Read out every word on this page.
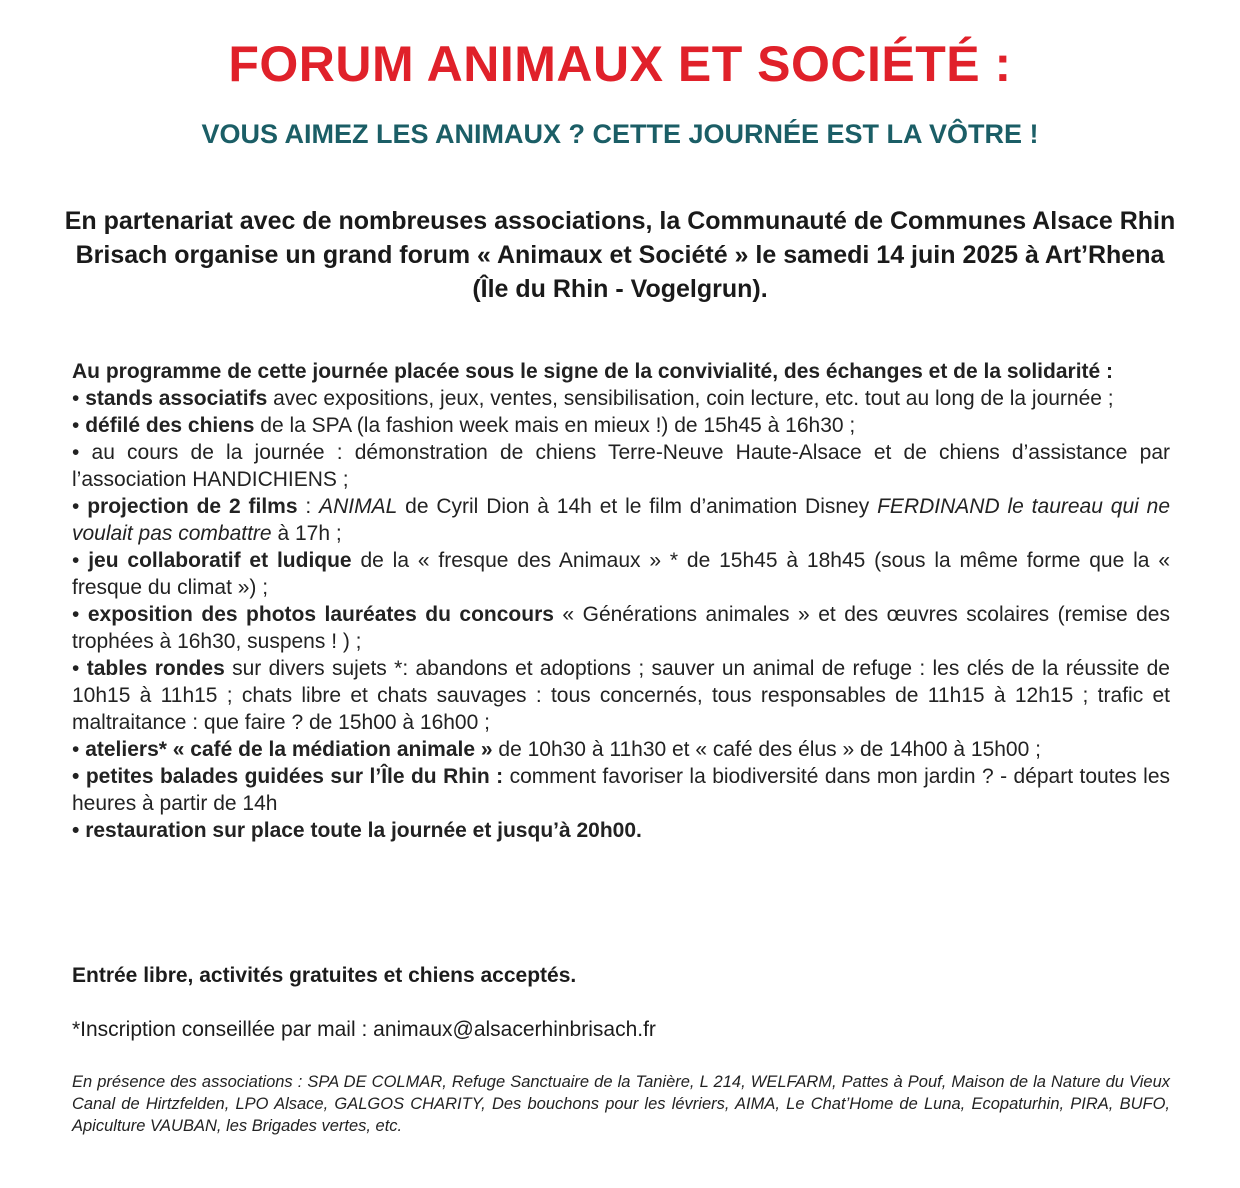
FORUM ANIMAUX ET SOCIÉTÉ :
VOUS AIMEZ LES ANIMAUX ? CETTE JOURNÉE EST LA VÔTRE !

En partenariat avec de nombreuses associations, la Communauté de Communes Alsace Rhin Brisach organise un grand forum « Animaux et Société » le samedi 14 juin 2025 à Art’Rhena (Île du Rhin - Vogelgrun).

Au programme de cette journée placée sous le signe de la convivialité, des échanges et de la solidarité :

• stands associatifs avec expositions, jeux, ventes, sensibilisation, coin lecture, etc. tout au long de la journée ;

• défilé des chiens de la SPA (la fashion week mais en mieux !) de 15h45 à 16h30 ;

• au cours de la journée : démonstration de chiens Terre-Neuve Haute-Alsace et de chiens d’assistance par l’association HANDICHIENS ;

• projection de 2 films : ANIMAL de Cyril Dion à 14h et le film d’animation Disney FERDINAND le taureau qui ne voulait pas combattre à 17h ;

• jeu collaboratif et ludique de la « fresque des Animaux » * de 15h45 à 18h45 (sous la même forme que la « fresque du climat ») ;

• exposition des photos lauréates du concours « Générations animales » et des œuvres scolaires (remise des trophées à 16h30, suspens ! ) ;

• tables rondes sur divers sujets *: abandons et adoptions ; sauver un animal de refuge : les clés de la réussite de 10h15 à 11h15 ; chats libre et chats sauvages : tous concernés, tous responsables de 11h15 à 12h15 ; trafic et maltraitance : que faire ? de 15h00 à 16h00 ;

• ateliers* « café de la médiation animale » de 10h30 à 11h30 et « café des élus » de 14h00 à 15h00 ;

• petites balades guidées sur l’Île du Rhin : comment favoriser la biodiversité dans mon jardin ? - départ toutes les heures à partir de 14h

• restauration sur place toute la journée et jusqu’à 20h00.

Entrée libre, activités gratuites et chiens acceptés.

*Inscription conseillée par mail : animaux@alsacerhinbrisach.fr

En présence des associations : SPA DE COLMAR, Refuge Sanctuaire de la Tanière, L 214, WELFARM, Pattes à Pouf, Maison de la Nature du Vieux Canal de Hirtzfelden, LPO Alsace, GALGOS CHARITY, Des bouchons pour les lévriers, AIMA, Le Chat’Home de Luna, Ecopaturhin, PIRA, BUFO, Apiculture VAUBAN, les Brigades vertes, etc.
